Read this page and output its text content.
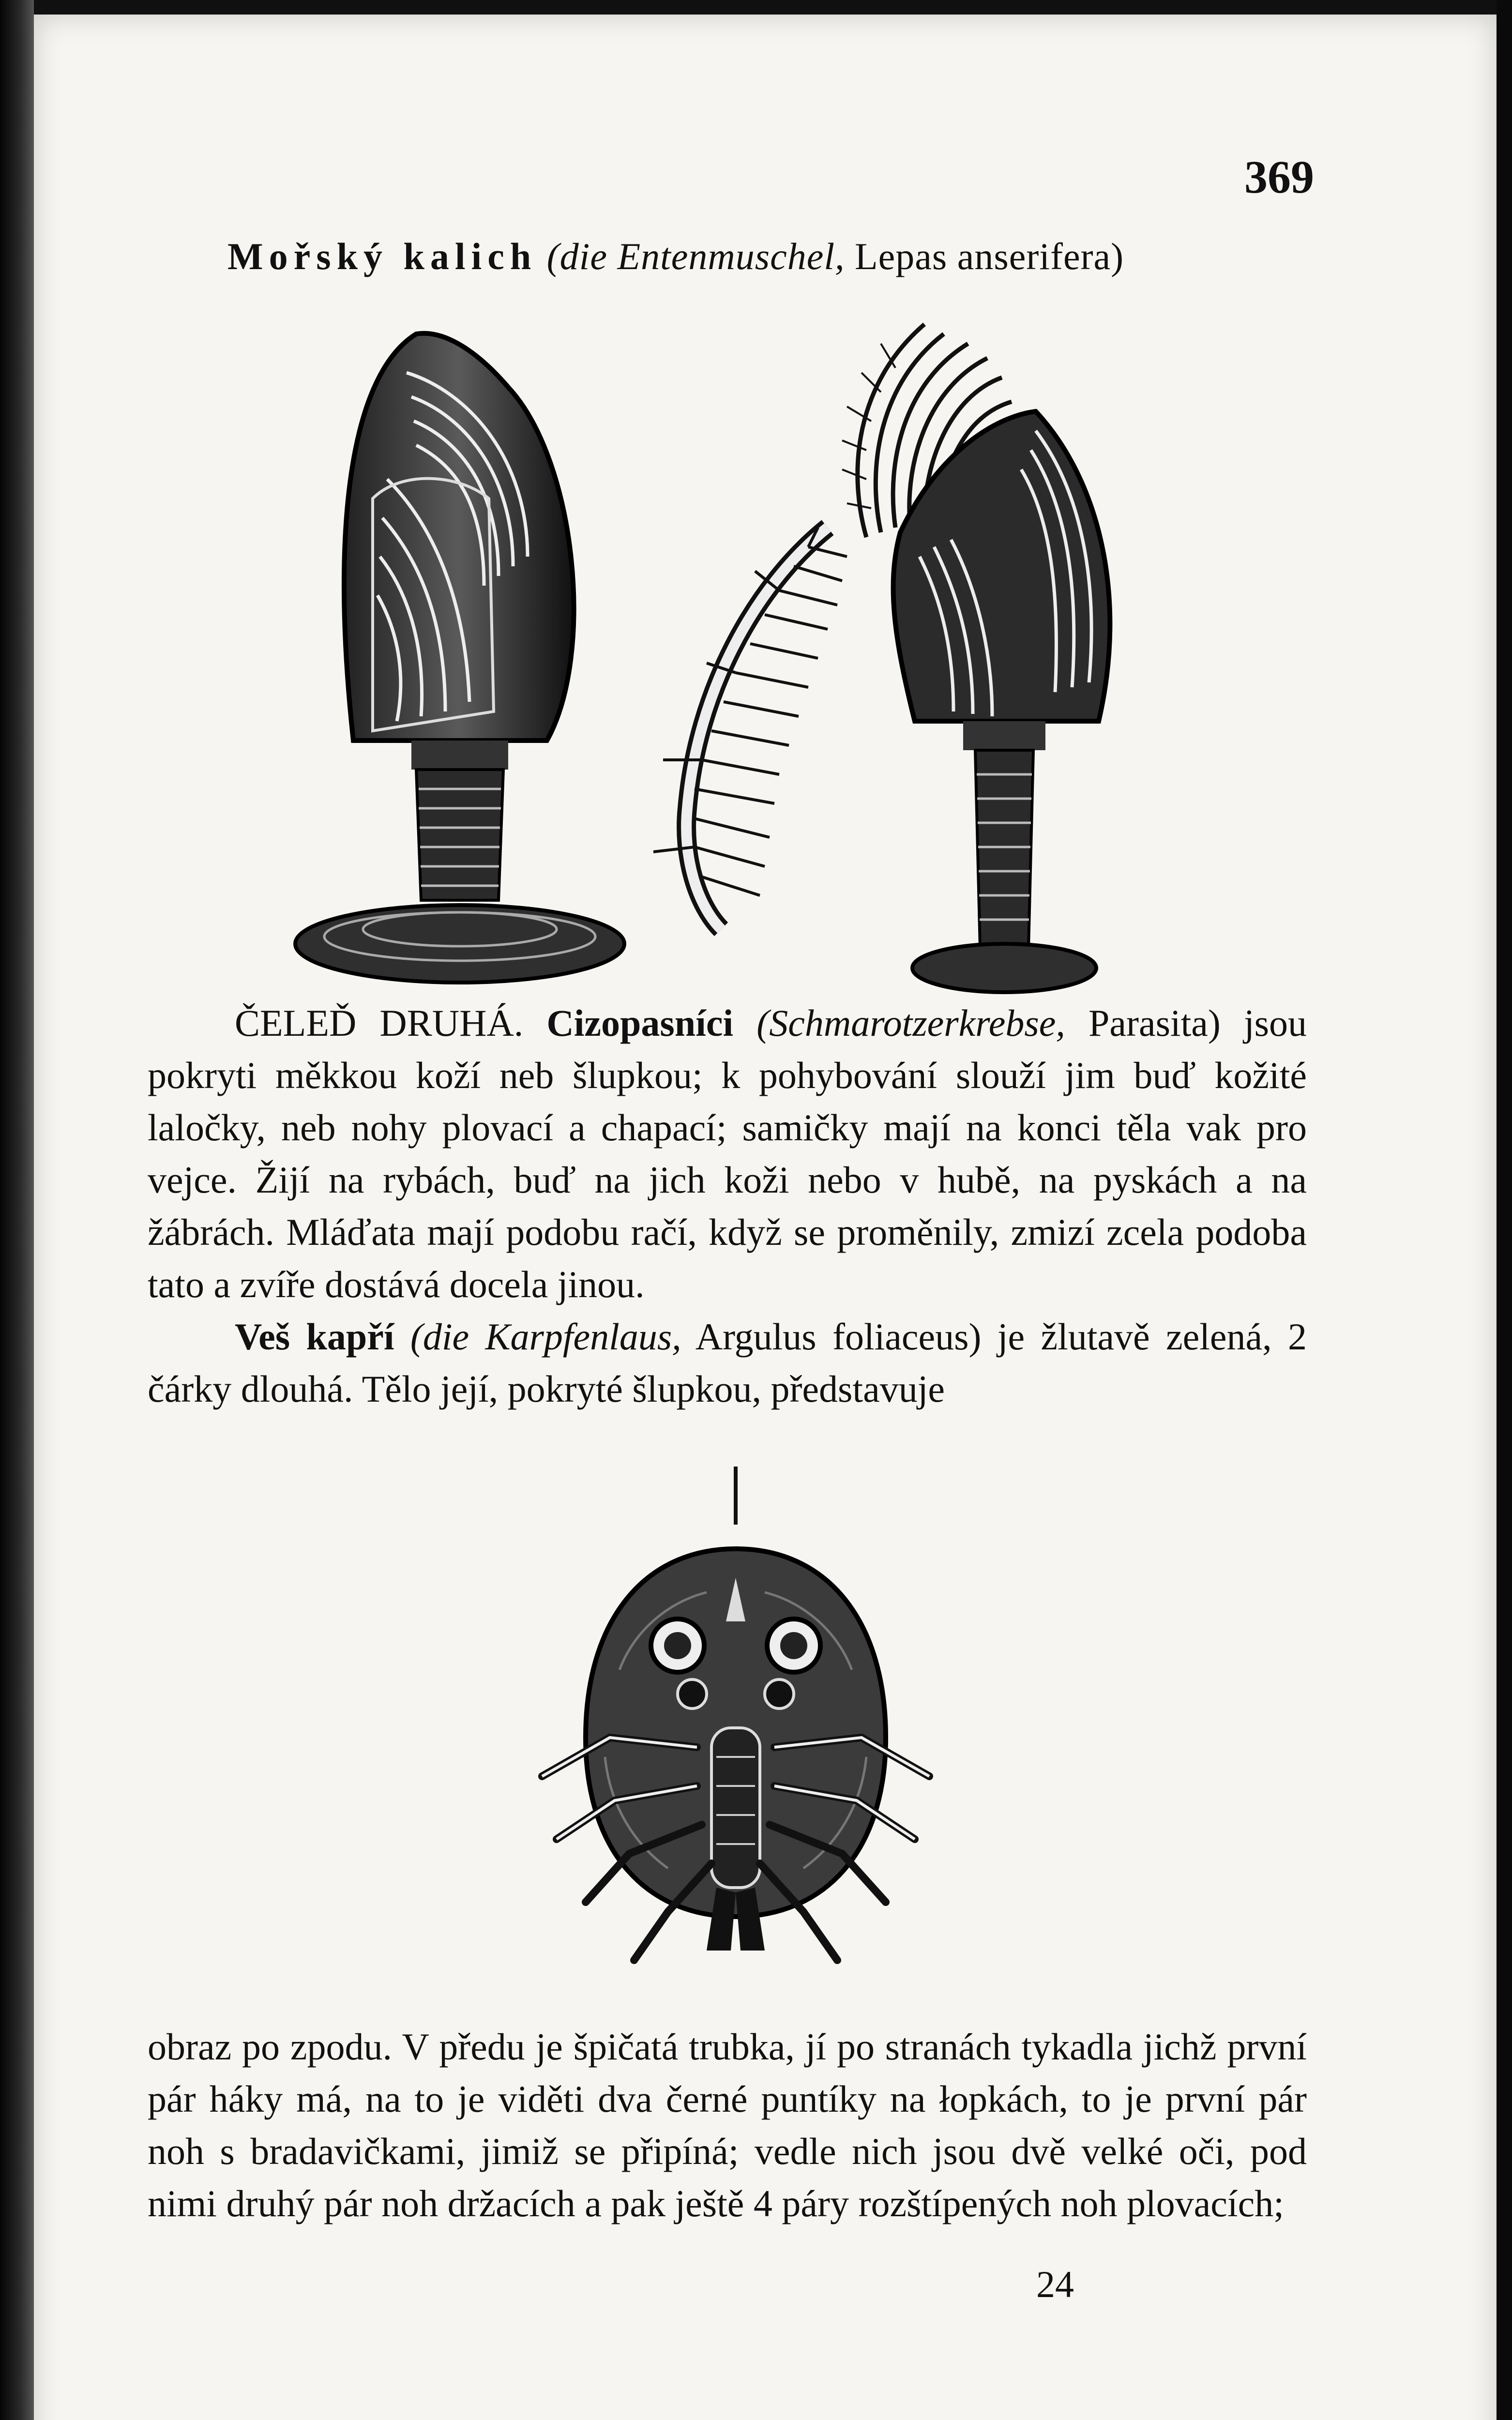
369
Mořský kalich (die Entenmuschel, Lepas anserifera)

ČELEĎ DRUHÁ. Cizopasníci (Schmarotzerkrebse, Parasita) jsou pokryti měkkou koží neb šlupkou; k pohybování slouží jim buď kožité laločky, neb nohy plovací a chapací; samičky mají na konci těla vak pro vejce. Žijí na rybách, buď na jich koži nebo v hubě, na pyskách a na žábrách. Mláďata mají podobu račí, když se proměnily, zmizí zcela podoba tato a zvíře dostává docela jinou.

Veš kapří (die Karpfenlaus, Argulus foliaceus) je žlutavě zelená, 2 čárky dlouhá. Tělo její, pokryté šlupkou, představuje

obraz po zpodu. V předu je špičatá trubka, jí po stranách tykadla jichž první pár háky má, na to je viděti dva černé puntíky na łopkách, to je první pár noh s bradavičkami, jimiž se připíná; vedle nich jsou dvě velké oči, pod nimi druhý pár noh držacích a pak ještě 4 páry rozštípených noh plovacích;

24
